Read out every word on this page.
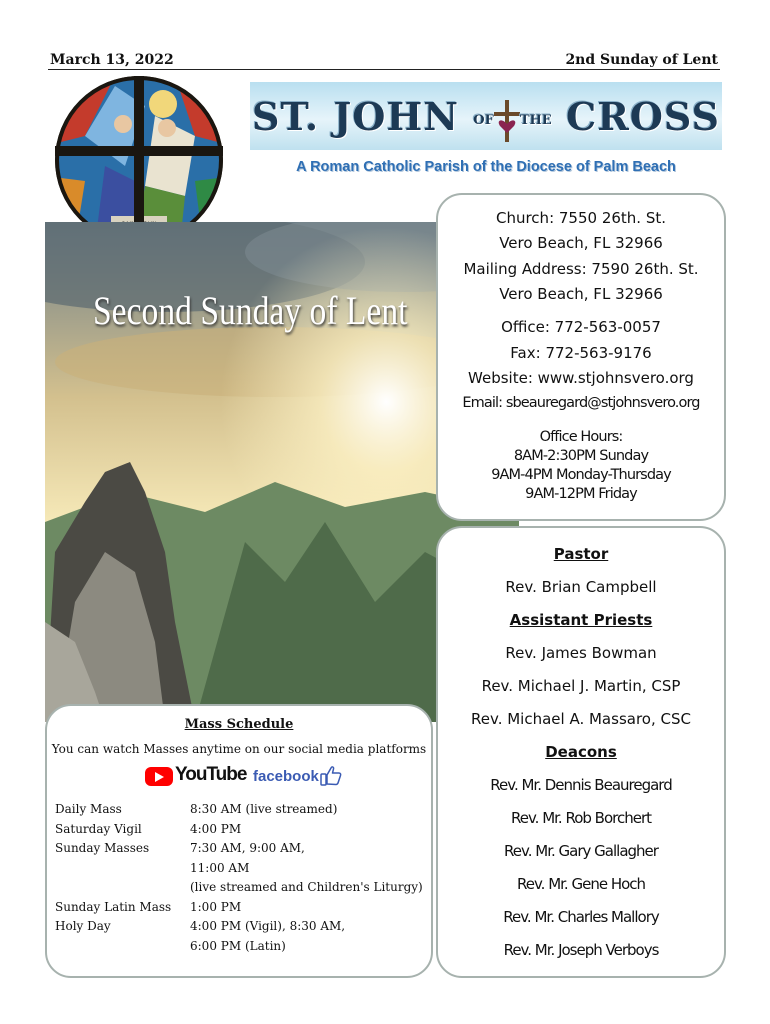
March 13, 2022	2nd Sunday of Lent
ST. JOHN OF THE CROSS
A Roman Catholic Parish of the Diocese of Palm Beach
Second Sunday of Lent
Church: 7550 26th. St.
Vero Beach, FL 32966
Mailing Address: 7590 26th. St.
Vero Beach, FL 32966
Office: 772-563-0057
Fax: 772-563-9176
Website: www.stjohnsvero.org
Email: sbeauregard@stjohnsvero.org
Office Hours:
8AM-2:30PM Sunday
9AM-4PM Monday-Thursday
9AM-12PM Friday
Pastor
Rev. Brian Campbell
Assistant Priests
Rev. James Bowman
Rev. Michael J. Martin, CSP
Rev. Michael A. Massaro, CSC
Deacons
Rev. Mr. Dennis Beauregard
Rev. Mr. Rob Borchert
Rev. Mr. Gary Gallagher
Rev. Mr. Gene Hoch
Rev. Mr. Charles Mallory
Rev. Mr. Joseph Verboys
Mass Schedule
You can watch Masses anytime on our social media platforms
YouTube facebook
Daily Mass
Saturday Vigil
Sunday Masses
Sunday Latin Mass
Holy Day
8:30 AM (live streamed)
4:00 PM
7:30 AM, 9:00 AM,
11:00 AM
(live streamed and Children's Liturgy)
1:00 PM
4:00 PM (Vigil), 8:30 AM,
6:00 PM (Latin)
